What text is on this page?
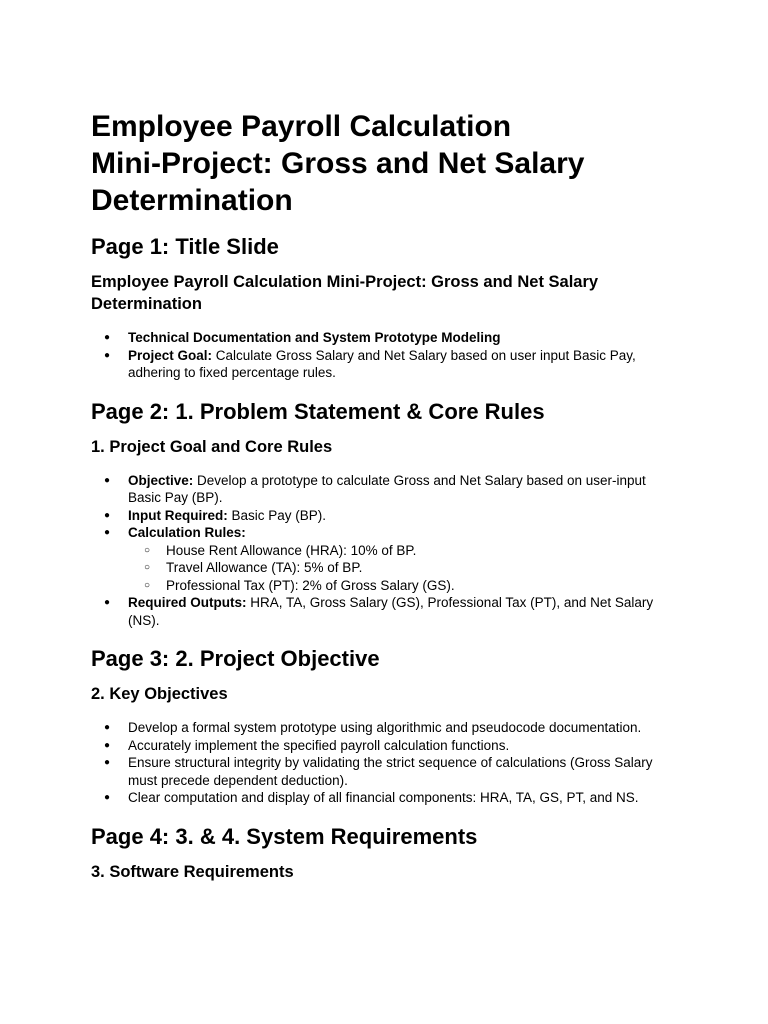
Employee Payroll Calculation
Mini-Project: Gross and Net Salary
Determination
Page 1: Title Slide
Employee Payroll Calculation Mini-Project: Gross and Net Salary Determination
● Technical Documentation and System Prototype Modeling
● Project Goal: Calculate Gross Salary and Net Salary based on user input Basic Pay, adhering to fixed percentage rules.
Page 2: 1. Problem Statement & Core Rules
1. Project Goal and Core Rules
● Objective: Develop a prototype to calculate Gross and Net Salary based on user-input Basic Pay (BP).
● Input Required: Basic Pay (BP).
● Calculation Rules:
○ House Rent Allowance (HRA): 10% of BP.
○ Travel Allowance (TA): 5% of BP.
○ Professional Tax (PT): 2% of Gross Salary (GS).
● Required Outputs: HRA, TA, Gross Salary (GS), Professional Tax (PT), and Net Salary (NS).
Page 3: 2. Project Objective
2. Key Objectives
● Develop a formal system prototype using algorithmic and pseudocode documentation.
● Accurately implement the specified payroll calculation functions.
● Ensure structural integrity by validating the strict sequence of calculations (Gross Salary must precede dependent deduction).
● Clear computation and display of all financial components: HRA, TA, GS, PT, and NS.
Page 4: 3. & 4. System Requirements
3. Software Requirements
